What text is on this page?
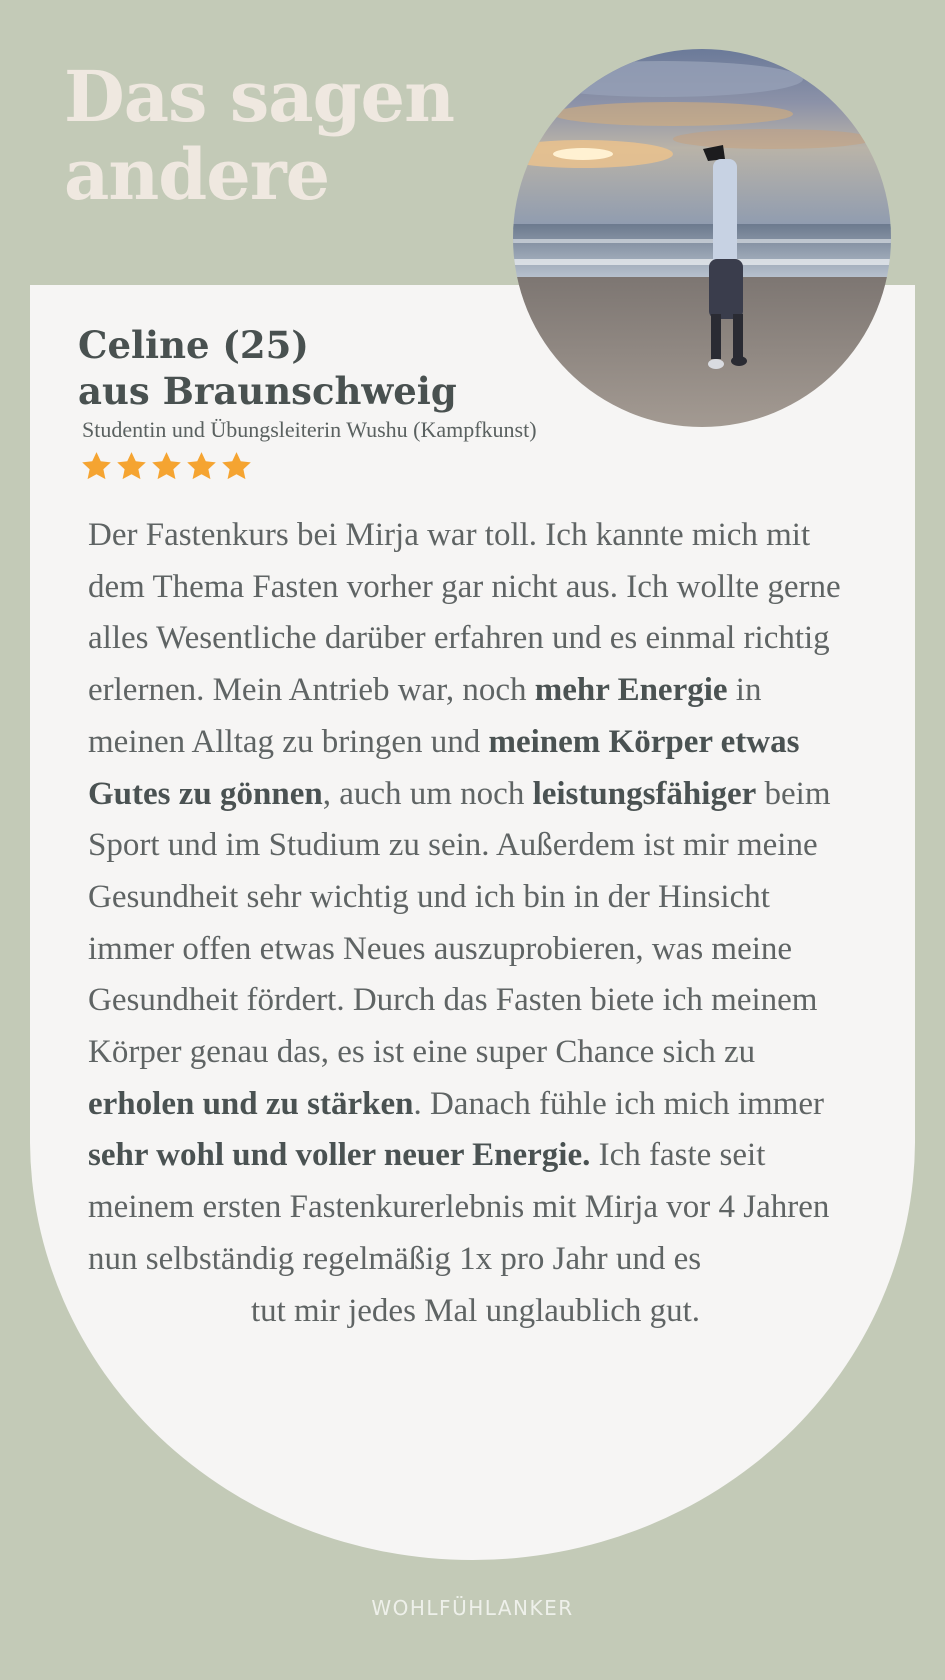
Das sagen
andere
Celine (25)
aus Braunschweig
Studentin und Übungsleiterin Wushu (Kampfkunst)

Der Fastenkurs bei Mirja war toll. Ich kannte mich mit dem Thema Fasten vorher gar nicht aus. Ich wollte gerne alles Wesentliche darüber erfahren und es einmal richtig erlernen. Mein Antrieb war, noch mehr Energie in meinen Alltag zu bringen und meinem Körper etwas Gutes zu gönnen, auch um noch leistungsfähiger beim Sport und im Studium zu sein. Außerdem ist mir meine Gesundheit sehr wichtig und ich bin in der Hinsicht immer offen etwas Neues auszuprobieren, was meine Gesundheit fördert. Durch das Fasten biete ich meinem Körper genau das, es ist eine super Chance sich zu erholen und zu stärken. Danach fühle ich mich immer sehr wohl und voller neuer Energie. Ich faste seit meinem ersten Fastenkurerlebnis mit Mirja vor 4 Jahren nun selbständig regelmäßig 1x pro Jahr und es
tut mir jedes Mal unglaublich gut.

WOHLFÜHLANKER
